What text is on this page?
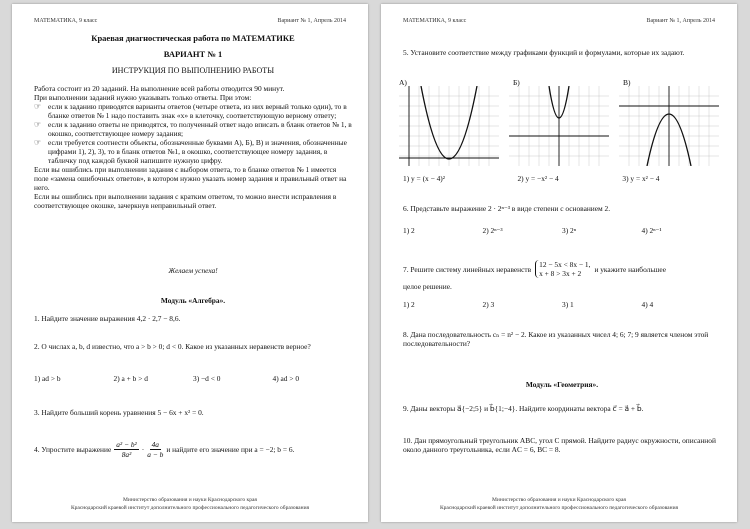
МАТЕМАТИКА, 9 класс	Вариант № 1, Апрель 2014
Краевая диагностическая работа по МАТЕМАТИКЕ
ВАРИАНТ № 1
ИНСТРУКЦИЯ ПО ВЫПОЛНЕНИЮ РАБОТЫ
Работа состоит из 20 заданий. На выполнение всей работы отводится 90 минут.
При выполнении заданий нужно указывать только ответы. При этом:
☞ если к заданию приводятся варианты ответов (четыре ответа, из них верный только один), то в бланке ответов № 1 надо поставить знак «x» в клеточку, соответствующую верному ответу;
☞ если к заданию ответы не приводятся, то полученный ответ надо вписать в бланк ответов № 1, в окошко, соответствующее номеру задания;
☞ если требуется соотнести объекты, обозначенные буквами А), Б), В) и значения, обозначенные цифрами 1), 2), 3), то в бланк ответов №1, в окошко, соответствующее номеру задания, в табличку под каждой буквой напишите нужную цифру.
Если вы ошиблись при выполнении задания с выбором ответа, то в бланке ответов № 1 имеется поле «замена ошибочных ответов», в котором нужно указать номер задания и правильный ответ на него.
Если вы ошиблись при выполнении задания с кратким ответом, то можно внести исправления в соответствующее окошке, зачеркнув неправильный ответ.
Желаем успеха!
Модуль «Алгебра».
1. Найдите значение выражения 4,2 · 2,7 − 8,6.
2. О числах a, b, d известно, что a > b > 0; d < 0. Какое из указанных неравенств верное?
1) ad > b	2) a + b > d	3) −d < 0	4) ad > 0
3. Найдите больший корень уравнения 5 − 6x + x² = 0.
4. Упростите выражение $\frac{\text{a² − b²}}{\text{8a²}} \cdot \frac{4a}{a - b}$ и найдите его значение при a = −2; b = 6.
Министерство образования и науки Краснодарского края
Краснодарский краевой институт дополнительного профессионального педагогического образования
МАТЕМАТИКА, 9 класс	Вариант № 1, Апрель 2014
5. Установите соответствие между графиками функций и формулами, которые их задают.
А)	Б)	В)
1) y = (x − 4)²	2) y = −x² − 4	3) y = x² − 4
6. Представьте выражение 2 · 2ⁿ⁻³ в виде степени с основанием 2.
1) 2	2) 2ⁿ⁻³	3) 2ⁿ	4) 2ⁿ⁻¹
7. Решите систему линейных неравенств 12 − 5x < 8x − 1,
x + 8 > 3x + 2	и укажите наибольшее
целое решение.
1) 2	2) 3	3) 1	4) 4
8. Дана последовательность cₙ = n² − 2. Какое из указанных чисел 4; 6; 7; 9 является членом этой последовательности?
Модуль «Геометрия».
9. Даны векторы a⃗{−2;5} и b⃗{1;−4}. Найдите координаты вектора c⃗ = a⃗ + b⃗.
10. Дан прямоугольный треугольник ABC, угол C прямой. Найдите радиус окружности, описанной около данного треугольника, если AC = 6, BC = 8.
Министерство образования и науки Краснодарского края
Краснодарский краевой институт дополнительного профессионального педагогического образования
